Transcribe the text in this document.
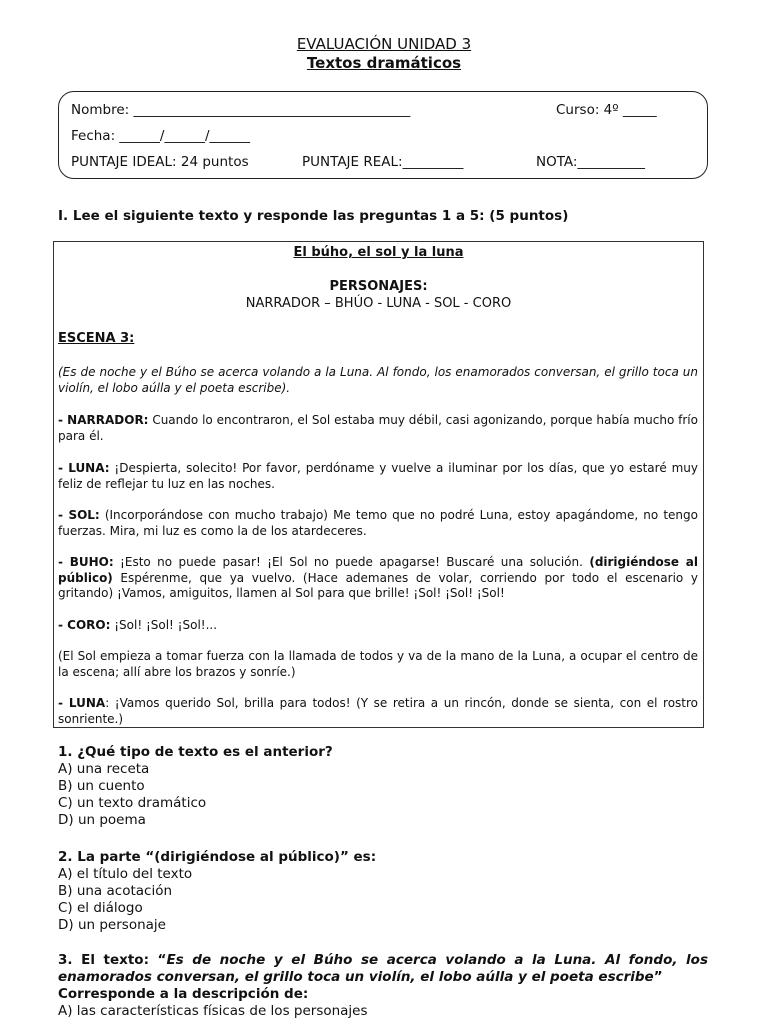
EVALUACIÓN UNIDAD 3
Textos dramáticos
Nombre: _________________________________________	Curso: 4º _____
Fecha: ______/______/______
PUNTAJE IDEAL: 24 puntos	PUNTAJE REAL:_________	NOTA:__________
I. Lee el siguiente texto y responde las preguntas 1 a 5: (5 puntos)
El búho, el sol y la luna
PERSONAJES:
NARRADOR – BHÚO - LUNA - SOL - CORO
ESCENA 3:
(Es de noche y el Búho se acerca volando a la Luna. Al fondo, los enamorados conversan, el grillo toca un violín, el lobo aúlla y el poeta escribe).
- NARRADOR: Cuando lo encontraron, el Sol estaba muy débil, casi agonizando, porque había mucho frío para él.
- LUNA: ¡Despierta, solecito! Por favor, perdóname y vuelve a iluminar por los días, que yo estaré muy feliz de reflejar tu luz en las noches.
- SOL: (Incorporándose con mucho trabajo) Me temo que no podré Luna, estoy apagándome, no tengo fuerzas. Mira, mi luz es como la de los atardeceres.
- BUHO: ¡Esto no puede pasar! ¡El Sol no puede apagarse! Buscaré una solución. (dirigiéndose al público) Espérenme, que ya vuelvo. (Hace ademanes de volar, corriendo por todo el escenario y gritando) ¡Vamos, amiguitos, llamen al Sol para que brille! ¡Sol! ¡Sol! ¡Sol!
- CORO: ¡Sol! ¡Sol! ¡Sol!...
(El Sol empieza a tomar fuerza con la llamada de todos y va de la mano de la Luna, a ocupar el centro de la escena; allí abre los brazos y sonríe.)
- LUNA: ¡Vamos querido Sol, brilla para todos! (Y se retira a un rincón, donde se sienta, con el rostro sonriente.)
1. ¿Qué tipo de texto es el anterior?
A) una receta
B) un cuento
C) un texto dramático
D) un poema
2. La parte “(dirigiéndose al público)” es:
A) el título del texto
B) una acotación
C) el diálogo
D) un personaje
3. El texto: “Es de noche y el Búho se acerca volando a la Luna. Al fondo, los enamorados conversan, el grillo toca un violín, el lobo aúlla y el poeta escribe”
Corresponde a la descripción de:
A) las características físicas de los personajes
